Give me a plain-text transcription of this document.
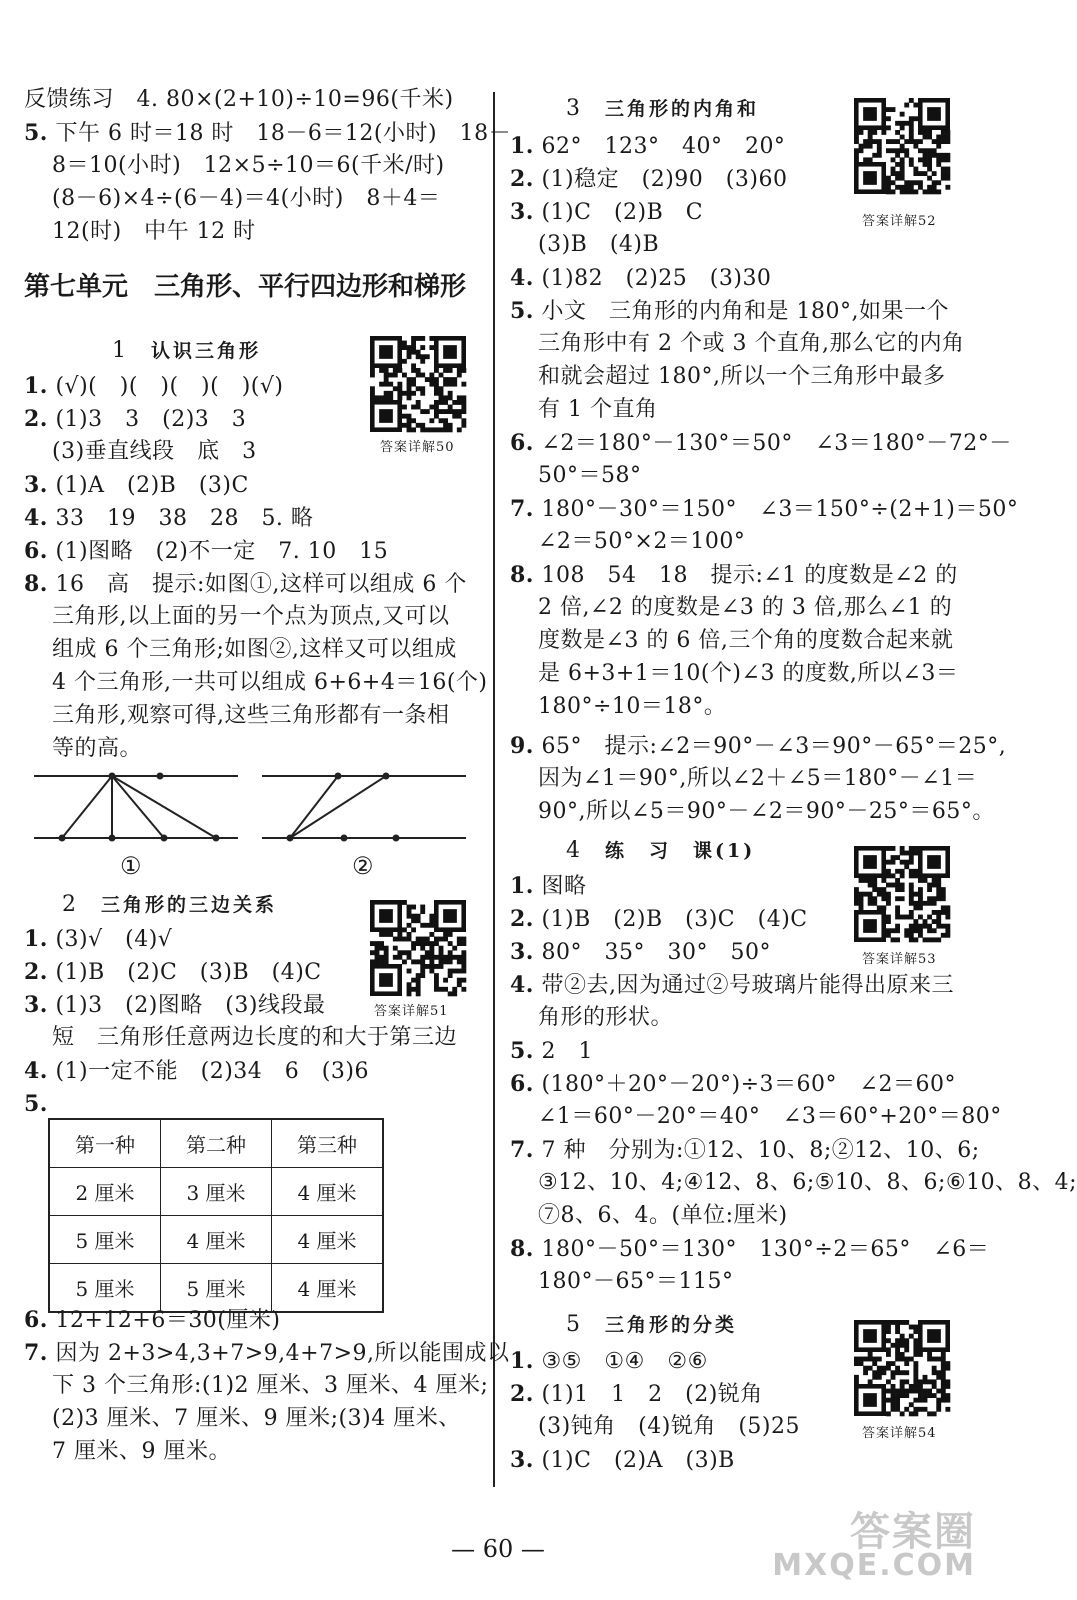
反馈练习　4. 80×(2+10)÷10=96(千米)
5. 下午 6 时＝18 时　18－6＝12(小时)　18－
8＝10(小时)　12×5÷10＝6(千米/时)
(8－6)×4÷(6－4)＝4(小时)　8＋4＝
12(时)　中午 12 时
第七单元　三角形、平行四边形和梯形
1 认识三角形
答案详解50
1. (√)(　)(　)(　)(　)(√)
2. (1)3　3　(2)3　3
(3)垂直线段　底　3
3. (1)A　(2)B　(3)C
4. 33　19　38　28　5. 略
6. (1)图略　(2)不一定　7. 10　15
8. 16　高　提示:如图①,这样可以组成 6 个
三角形,以上面的另一个点为顶点,又可以
组成 6 个三角形;如图②,这样又可以组成
4 个三角形,一共可以组成 6+6+4＝16(个)
三角形,观察可得,这些三角形都有一条相
等的高。
①	②
2 三角形的三边关系
答案详解51
1. (3)√　(4)√
2. (1)B　(2)C　(3)B　(4)C
3. (1)3　(2)图略　(3)线段最
短　三角形任意两边长度的和大于第三边
4. (1)一定不能　(2)34　6　(3)6
5.
第一种	第二种	第三种
2 厘米	3 厘米	4 厘米
5 厘米	4 厘米	4 厘米
5 厘米	5 厘米	4 厘米
6. 12+12+6＝30(厘米)
7. 因为 2+3>4,3+7>9,4+7>9,所以能围成以
下 3 个三角形:(1)2 厘米、3 厘米、4 厘米;
(2)3 厘米、7 厘米、9 厘米;(3)4 厘米、
7 厘米、9 厘米。
3 三角形的内角和
答案详解52
1. 62°　123°　40°　20°
2. (1)稳定　(2)90　(3)60
3. (1)C　(2)B　C
(3)B　(4)B
4. (1)82　(2)25　(3)30
5. 小文　三角形的内角和是 180°,如果一个
三角形中有 2 个或 3 个直角,那么它的内角
和就会超过 180°,所以一个三角形中最多
有 1 个直角
6. ∠2＝180°－130°＝50°　∠3＝180°－72°－
50°＝58°
7. 180°－30°＝150°　∠3＝150°÷(2+1)＝50°
∠2＝50°×2＝100°
8. 108　54　18　提示:∠1 的度数是∠2 的
2 倍,∠2 的度数是∠3 的 3 倍,那么∠1 的
度数是∠3 的 6 倍,三个角的度数合起来就
是 6+3+1＝10(个)∠3 的度数,所以∠3＝
180°÷10＝18°。
9. 65°　提示:∠2＝90°－∠3＝90°－65°＝25°,
因为∠1＝90°,所以∠2＋∠5＝180°－∠1＝
90°,所以∠5＝90°－∠2＝90°－25°＝65°。
4 练　习　课(1)
答案详解53
1. 图略
2. (1)B　(2)B　(3)C　(4)C
3. 80°　35°　30°　50°
4. 带②去,因为通过②号玻璃片能得出原来三
角形的形状。
5. 2　1
6. (180°＋20°－20°)÷3＝60°　∠2＝60°
∠1＝60°－20°＝40°　∠3＝60°+20°＝80°
7. 7 种　分别为:①12、10、8;②12、10、6;
③12、10、4;④12、8、6;⑤10、8、6;⑥10、8、4;
⑦8、6、4。(单位:厘米)
8. 180°－50°＝130°　130°÷2＝65°　∠6＝
180°－65°＝115°
5 三角形的分类
答案详解54
1. ③⑤　①④　②⑥
2. (1)1　1　2　(2)锐角
(3)钝角　(4)锐角　(5)25
3. (1)C　(2)A　(3)B
— 60 —	答案圈
MXQE.COM
